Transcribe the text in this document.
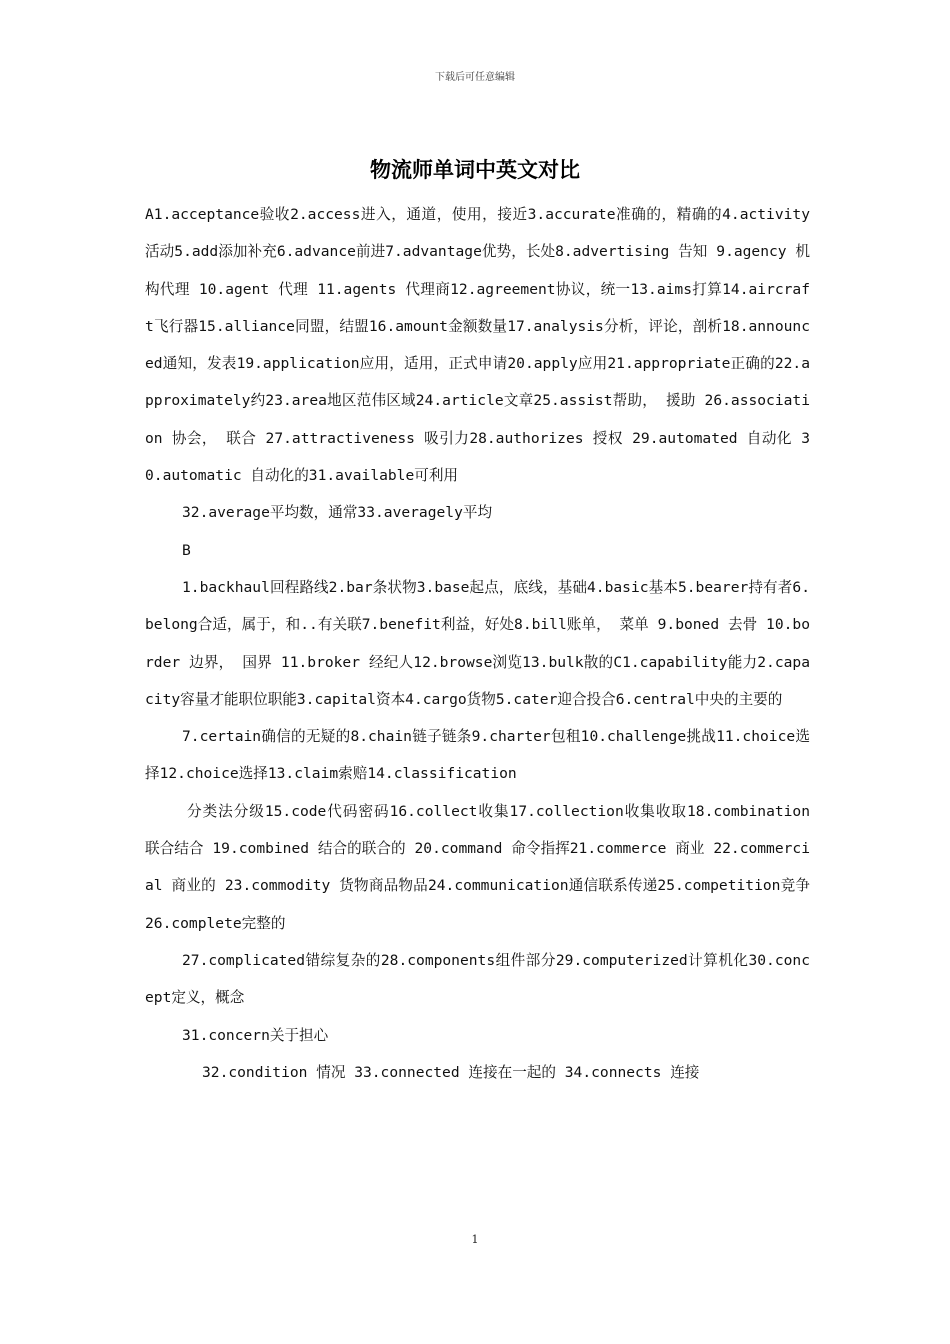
下载后可任意编辑
物流师单词中英文对比

A1.acceptance验收2.access进入，通道，使用，接近3.accurate准确的，精确的4.activity活动5.add添加补充6.advance前进7.advantage优势，长处8.advertising 告知 9.agency 机构代理 10.agent 代理 11.agents 代理商12.agreement协议，统一13.aims打算14.aircraft飞行器15.alliance同盟，结盟16.amount金额数量17.analysis分析，评论，剖析18.announced通知，发表19.application应用，适用，正式申请20.apply应用21.appropriate正确的22.approximately约23.area地区范伟区域24.article文章25.assist帮助， 援助 26.association 协会， 联合 27.attractiveness 吸引力28.authorizes 授权 29.automated 自动化 30.automatic 自动化的31.available可利用

32.average平均数，通常33.averagely平均

B

1.backhaul回程路线2.bar条状物3.base起点，底线，基础4.basic基本5.bearer持有者6.belong合适，属于，和..有关联7.benefit利益，好处8.bill账单， 菜单 9.boned 去骨 10.border 边界， 国界 11.broker 经纪人12.browse浏览13.bulk散的C1.capability能力2.capacity容量才能职位职能3.capital资本4.cargo货物5.cater迎合投合6.central中央的主要的

7.certain确信的无疑的8.chain链子链条9.charter包租10.challenge挑战11.choice选择12.choice选择13.claim索赔14.classification

分类法分级15.code代码密码16.collect收集17.collection收集收取18.combination 联合结合 19.combined 结合的联合的 20.command 命令指挥21.commerce 商业 22.commercial 商业的 23.commodity 货物商品物品24.communication通信联系传递25.competition竞争26.complete完整的

27.complicated错综复杂的28.components组件部分29.computerized计算机化30.concept定义，概念

31.concern关于担心

32.condition 情况 33.connected 连接在一起的 34.connects 连接

1
